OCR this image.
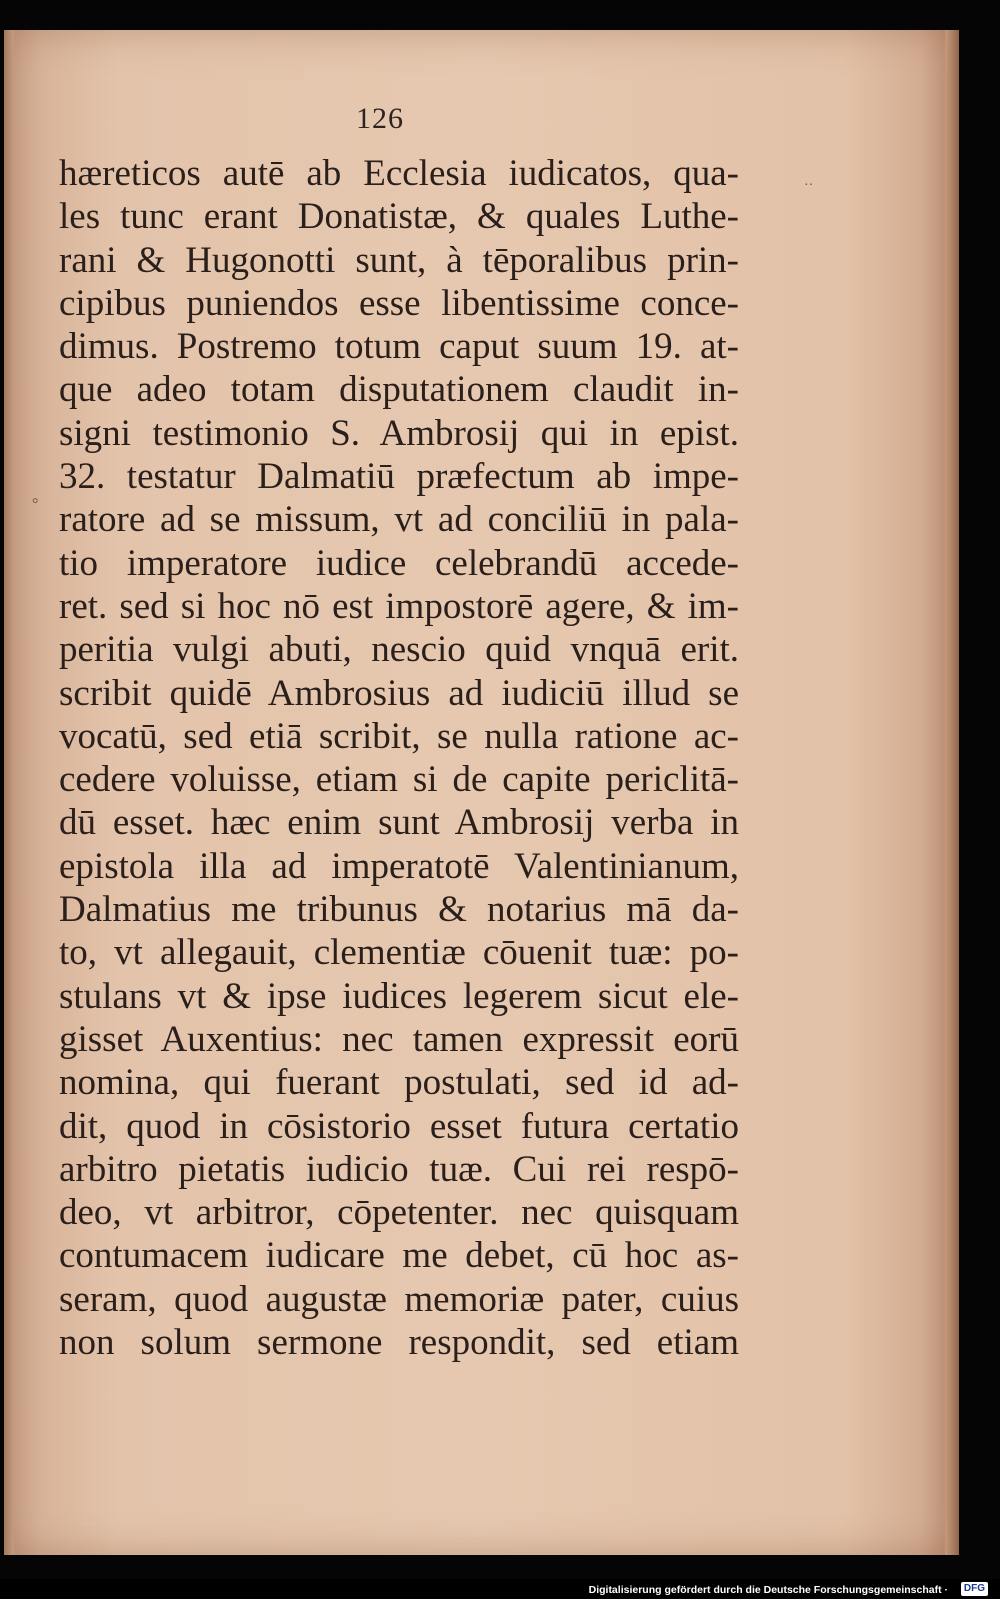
126
°
··
hæreticos autē ab Ecclesia iudicatos, qua-
les tunc erant Donatistæ, & quales Luthe-
rani & Hugonotti sunt, à tēporalibus prin-
cipibus puniendos esse libentissime conce-
dimus. Postremo totum caput suum 19. at-
que adeo totam disputationem claudit in-
signi testimonio S. Ambrosij qui in epist.
32. testatur Dalmatiū præfectum ab impe-
ratore ad se missum, vt ad conciliū in pala-
tio imperatore iudice celebrandū accede-
ret. sed si hoc nō est impostorē agere, & im-
peritia vulgi abuti, nescio quid vnquā erit.
scribit quidē Ambrosius ad iudiciū illud se
vocatū, sed etiā scribit, se nulla ratione ac-
cedere voluisse, etiam si de capite periclitā-
dū esset. hæc enim sunt Ambrosij verba in
epistola illa ad imperatotē Valentinianum,
Dalmatius me tribunus & notarius mā da-
to, vt allegauit, clementiæ cōuenit tuæ: po-
stulans vt & ipse iudices legerem sicut ele-
gisset Auxentius: nec tamen expressit eorū
nomina, qui fuerant postulati, sed id ad-
dit, quod in cōsistorio esset futura certatio
arbitro pietatis iudicio tuæ. Cui rei respō-
deo, vt arbitror, cōpetenter. nec quisquam
contumacem iudicare me debet, cū hoc as-
seram, quod augustæ memoriæ pater, cuius
non solum sermone respondit, sed etiam
Digitalisierung gefördert durch die Deutsche Forschungsgemeinschaft ·	DFG
